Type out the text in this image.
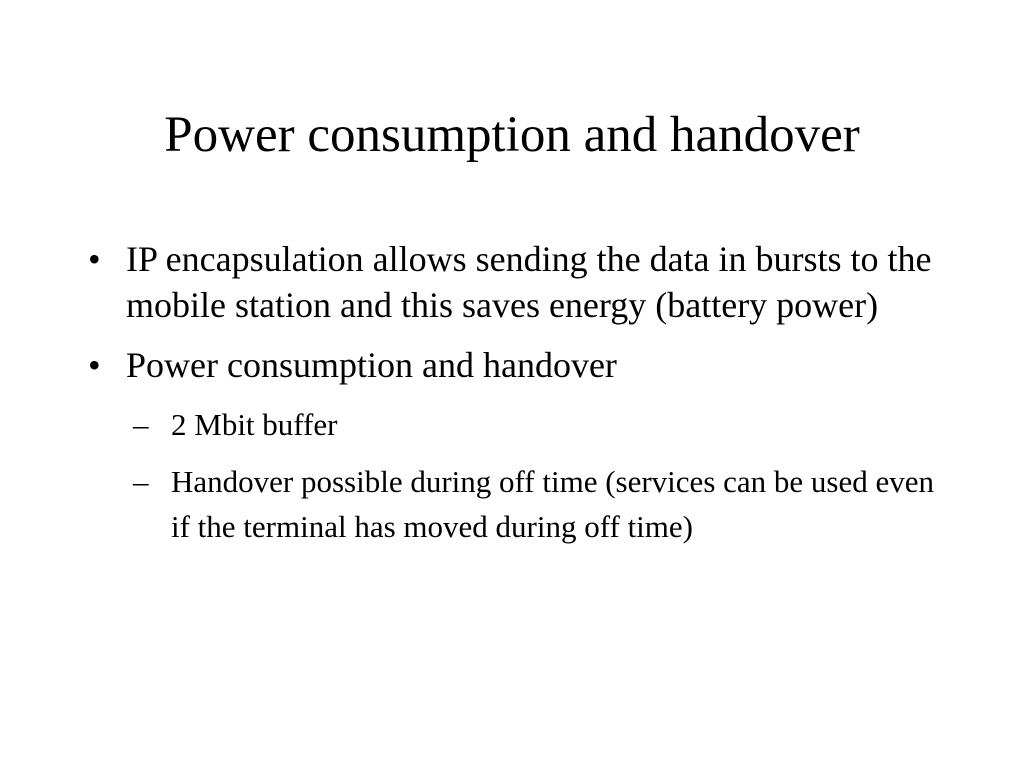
Power consumption and handover
• IP encapsulation allows sending the data in bursts to the mobile station and this saves energy (battery power)
• Power consumption and handover
– 2 Mbit buffer
– Handover possible during off time (services can be used even if the terminal has moved during off time)
